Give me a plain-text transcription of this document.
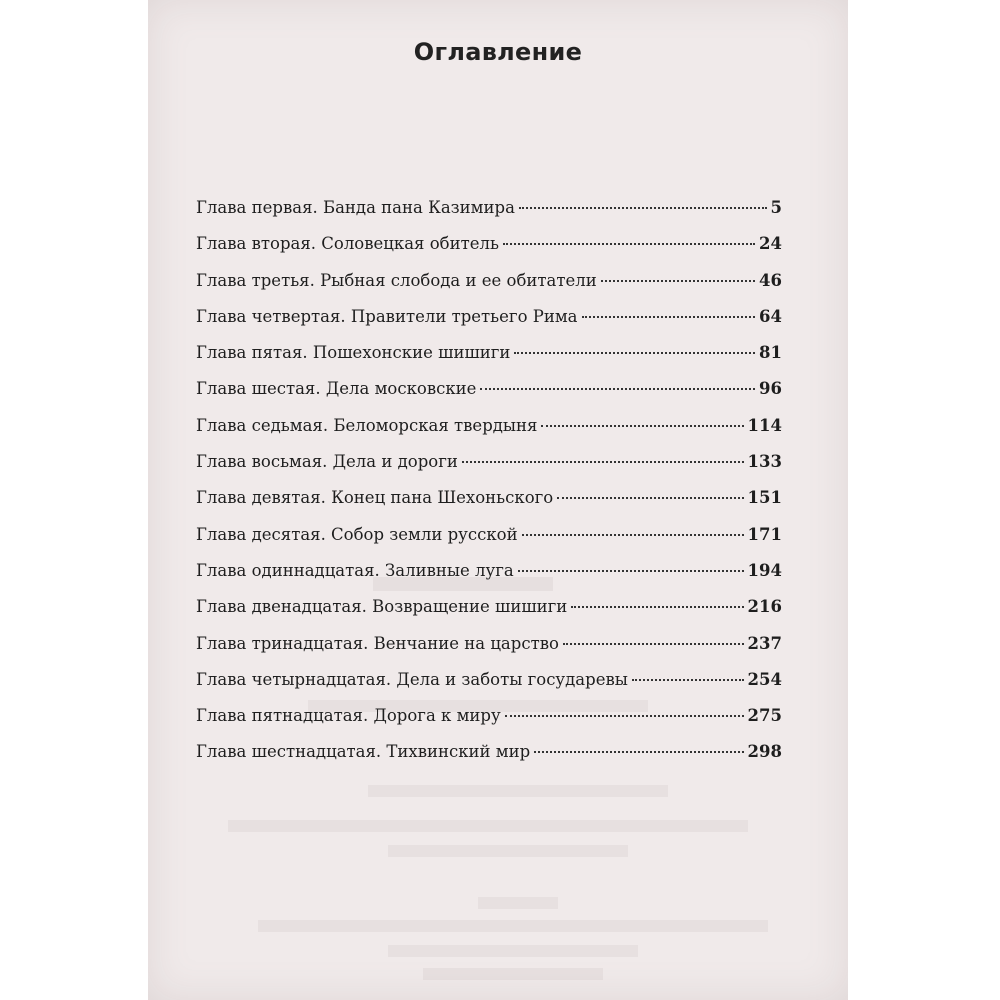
Оглавление
Глава первая. Банда пана Казимира	5
Глава вторая. Соловецкая обитель	24
Глава третья. Рыбная слобода и ее обитатели	46
Глава четвертая. Правители третьего Рима	64
Глава пятая. Пошехонские шишиги	81
Глава шестая. Дела московские	96
Глава седьмая. Беломорская твердыня	114
Глава восьмая. Дела и дороги	133
Глава девятая. Конец пана Шехоньского	151
Глава десятая. Собор земли русской	171
Глава одиннадцатая. Заливные луга	194
Глава двенадцатая. Возвращение шишиги	216
Глава тринадцатая. Венчание на царство	237
Глава четырнадцатая. Дела и заботы государевы	254
Глава пятнадцатая. Дорога к миру	275
Глава шестнадцатая. Тихвинский мир	298
